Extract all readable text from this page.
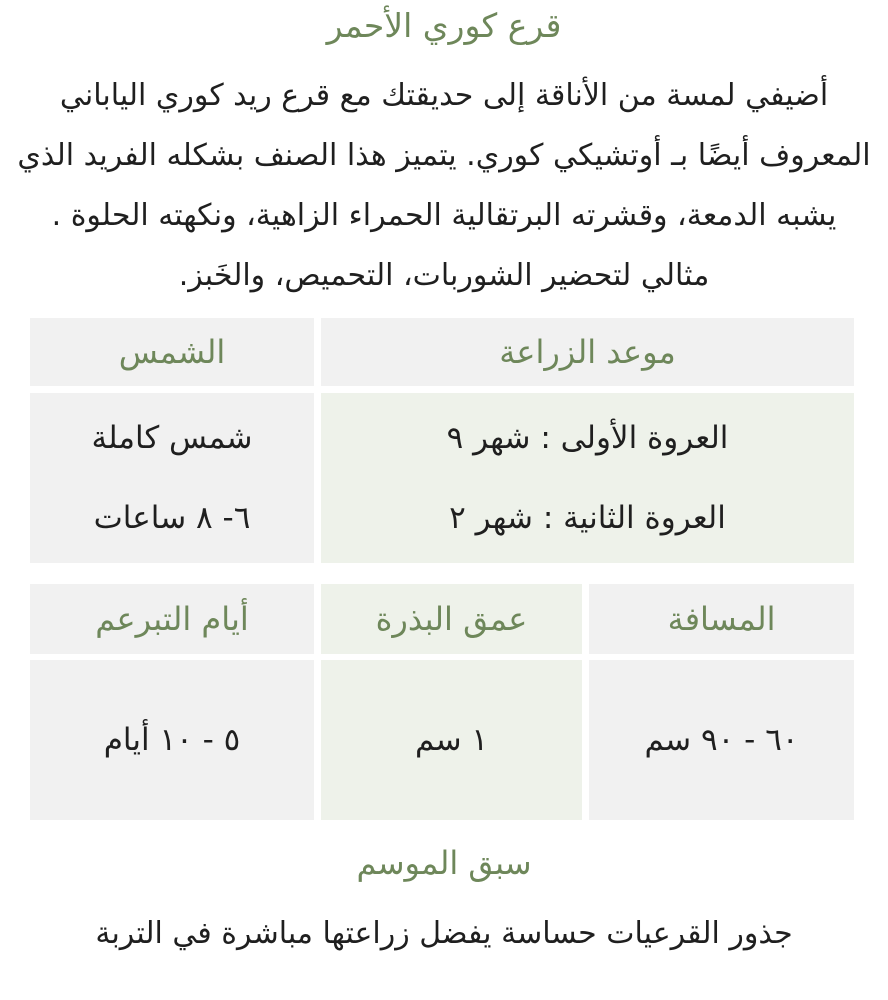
قرع كوري الأحمر
أضيفي لمسة من الأناقة إلى حديقتك مع قرع ريد كوري الياباني المعروف أيضًا بـ أوتشيكي كوري. يتميز هذا الصنف بشكله الفريد الذي يشبه الدمعة، وقشرته البرتقالية الحمراء الزاهية، ونكهته الحلوة . مثالي لتحضير الشوربات، التحميص، والخَبز.
موعد الزراعة
الشمس
العروة الأولى : شهر ٩
العروة الثانية : شهر ٢
شمس كاملة
٦- ٨ ساعات
المسافة
عمق البذرة
أيام التبرعم
٦٠ - ٩٠ سم
١ سم
٥ - ١٠ أيام
سبق الموسم
جذور القرعيات حساسة يفضل زراعتها مباشرة في التربة
